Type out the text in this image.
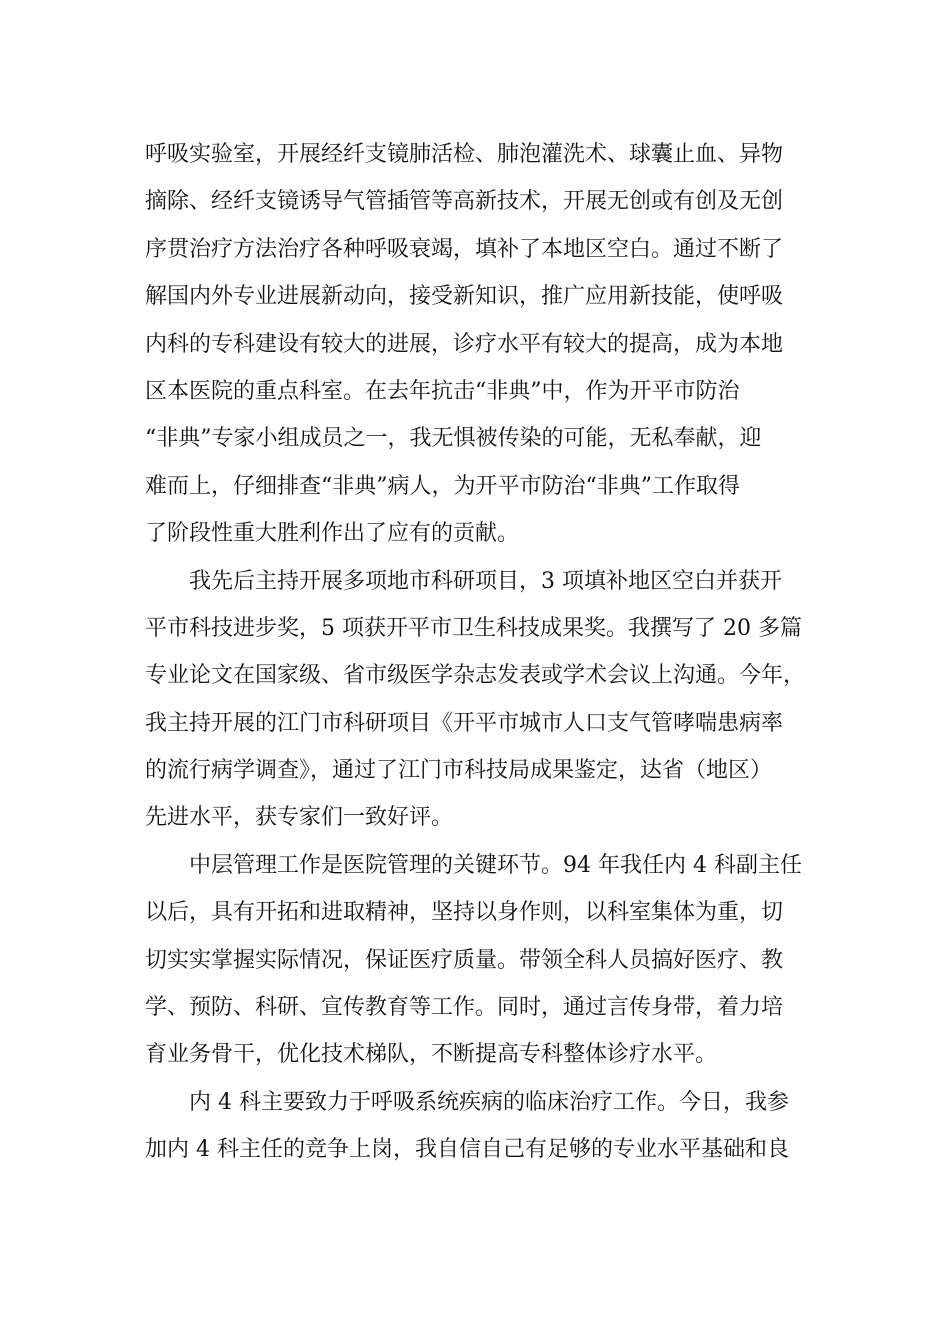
呼吸实验室，开展经纤支镜肺活检、肺泡灌洗术、球囊止血、异物
摘除、经纤支镜诱导气管插管等高新技术，开展无创或有创及无创
序贯治疗方法治疗各种呼吸衰竭，填补了本地区空白。通过不断了
解国内外专业进展新动向，接受新知识，推广应用新技能，使呼吸
内科的专科建设有较大的进展，诊疗水平有较大的提高，成为本地
区本医院的重点科室。在去年抗击“非典”中，作为开平市防治
“非典”专家小组成员之一，我无惧被传染的可能，无私奉献，迎
难而上，仔细排查“非典”病人，为开平市防治“非典”工作取得
了阶段性重大胜利作出了应有的贡献。
我先后主持开展多项地市科研项目，3 项填补地区空白并获开
平市科技进步奖，5 项获开平市卫生科技成果奖。我撰写了 20 多篇
专业论文在国家级、省市级医学杂志发表或学术会议上沟通。今年，
我主持开展的江门市科研项目《开平市城市人口支气管哮喘患病率
的流行病学调查》，通过了江门市科技局成果鉴定，达省（地区）
先进水平，获专家们一致好评。
中层管理工作是医院管理的关键环节。94 年我任内 4 科副主任
以后，具有开拓和进取精神，坚持以身作则，以科室集体为重，切
切实实掌握实际情况，保证医疗质量。带领全科人员搞好医疗、教
学、预防、科研、宣传教育等工作。同时，通过言传身带，着力培
育业务骨干，优化技术梯队，不断提高专科整体诊疗水平。
内 4 科主要致力于呼吸系统疾病的临床治疗工作。今日，我参
加内 4 科主任的竞争上岗，我自信自己有足够的专业水平基础和良
